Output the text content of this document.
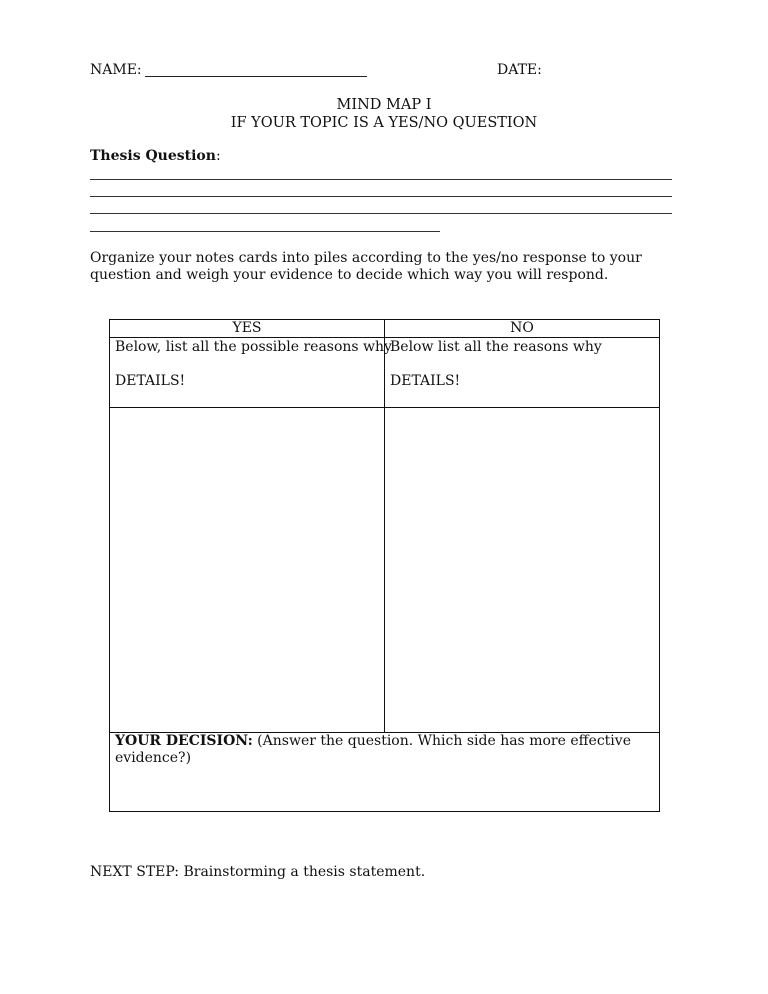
NAME:	DATE:
MIND MAP I
IF YOUR TOPIC IS A YES/NO QUESTION
Thesis Question:
Organize your notes cards into piles according to the yes/no response to your question and weigh your evidence to decide which way you will respond.
YES	NO
Below, list all the possible reasons why
DETAILS!
Below list all the reasons why
DETAILS!
YOUR DECISION: (Answer the question. Which side has more effective evidence?)
NEXT STEP: Brainstorming a thesis statement.
